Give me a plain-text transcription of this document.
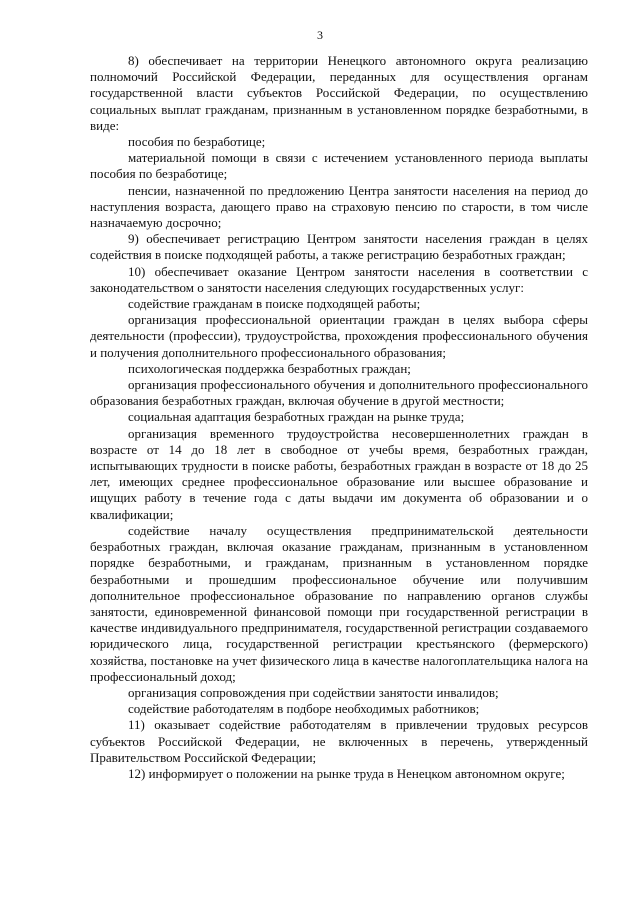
3

8) обеспечивает на территории Ненецкого автономного округа реализацию полномочий Российской Федерации, переданных для осуществления органам государственной власти субъектов Российской Федерации, по осуществлению социальных выплат гражданам, признанным в установленном порядке безработными, в виде:

пособия по безработице;

материальной помощи в связи с истечением установленного периода выплаты пособия по безработице;

пенсии, назначенной по предложению Центра занятости населения на период до наступления возраста, дающего право на страховую пенсию по старости, в том числе назначаемую досрочно;

9) обеспечивает регистрацию Центром занятости населения граждан в целях содействия в поиске подходящей работы, а также регистрацию безработных граждан;

10) обеспечивает оказание Центром занятости населения в соответствии с законодательством о занятости населения следующих государственных услуг:

содействие гражданам в поиске подходящей работы;

организация профессиональной ориентации граждан в целях выбора сферы деятельности (профессии), трудоустройства, прохождения профессионального обучения и получения дополнительного профессионального образования;

психологическая поддержка безработных граждан;

организация профессионального обучения и дополнительного профессионального образования безработных граждан, включая обучение в другой местности;

социальная адаптация безработных граждан на рынке труда;

организация временного трудоустройства несовершеннолетних граждан в возрасте от 14 до 18 лет в свободное от учебы время, безработных граждан, испытывающих трудности в поиске работы, безработных граждан в возрасте от 18 до 25 лет, имеющих среднее профессиональное образование или высшее образование и ищущих работу в течение года с даты выдачи им документа об образовании и о квалификации;

содействие началу осуществления предпринимательской деятельности безработных граждан, включая оказание гражданам, признанным в установленном порядке безработными, и гражданам, признанным в установленном порядке безработными и прошедшим профессиональное обучение или получившим дополнительное профессиональное образование по направлению органов службы занятости, единовременной финансовой помощи при государственной регистрации в качестве индивидуального предпринимателя, государственной регистрации создаваемого юридического лица, государственной регистрации крестьянского (фермерского) хозяйства, постановке на учет физического лица в качестве налогоплательщика налога на профессиональный доход;

организация сопровождения при содействии занятости инвалидов;

содействие работодателям в подборе необходимых работников;

11) оказывает содействие работодателям в привлечении трудовых ресурсов субъектов Российской Федерации, не включенных в перечень, утвержденный Правительством Российской Федерации;

12) информирует о положении на рынке труда в Ненецком автономном округе;
